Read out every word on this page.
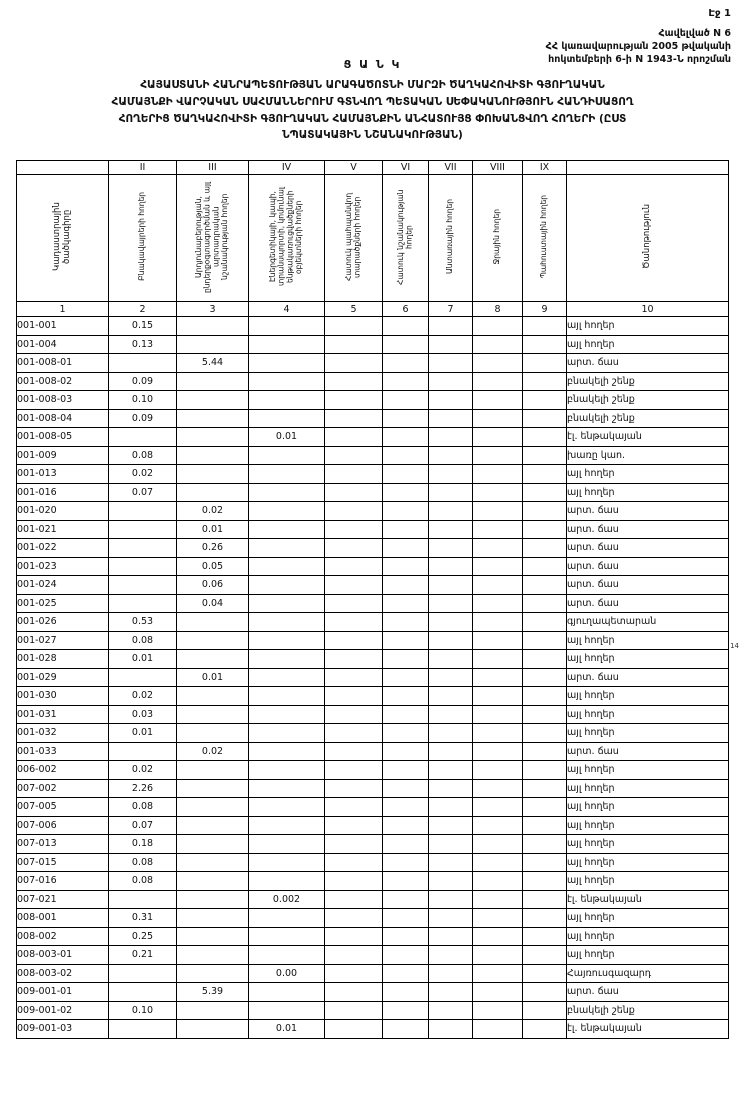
Էջ 1
Հավելված N 6
ՀՀ կառավարության 2005 թվականի
հոկտեմբերի 6-ի N 1943-Ն որոշման
Ց Ա Ն Կ
ՀԱՅԱՍՏԱՆԻ ՀԱՆՐԱՊԵՏՈՒԹՅԱՆ ԱՐԱԳԱԾՈՏՆԻ ՄԱՐԶԻ ԾԱՂԿԱՀՈՎԻՏԻ ԳՅՈՒՂԱԿԱՆ
ՀԱՄԱՅՆՔԻ ՎԱՐՉԱԿԱՆ ՍԱՀՄԱՆՆԵՐՈՒՄ ԳՏՆՎՈՂ ՊԵՏԱԿԱՆ ՍԵՓԱԿԱՆՈՒԹՅՈՒՆ ՀԱՆԴԻՍԱՑՈՂ
ՀՈՂԵՐԻՑ ԾԱՂԿԱՀՈՎԻՏԻ ԳՅՈՒՂԱԿԱՆ ՀԱՄԱՅՆՔԻՆ ԱՆՀԱՏՈՒՅՑ ՓՈԽԱՆՑՎՈՂ ՀՈՂԵՐԻ (ԸՍՏ
ՆՊԱՏԱԿԱՅԻՆ ՆՇԱՆԱԿՈՒԹՅԱՆ)
	II	III	IV	V	VI	VII	VIII	IX	
Կադաստրային ծածկագիրը	Բնակավայրերի հողեր	Արդյունաբերության, ընդերքօգտագործման և այլ արտադրական նշանակության հողեր	Էներգետիկայի, կապի, տրանսպորտի, կոմունալ ենթակառուցվածքների օբյեկտների հողեր	Հատուկ պահպանվող տարածքների հողեր	Հատուկ նշանակության հողեր	Անտառային հողեր	Ջրային հողեր	Պահուստային հողեր	Ծանոթություն
1	2	3	4	5	6	7	8	9	10
001-001	0.15								այլ հողեր
001-004	0.13								այլ հողեր
001-008-01		5.44							արտ. ճաս
001-008-02	0.09								բնակելի շենք
001-008-03	0.10								բնակելի շենք
001-008-04	0.09								բնակելի շենք
001-008-05			0.01						էլ. ենթակայան
001-009	0.08								խառը կաո.
001-013	0.02								այլ հողեր
001-016	0.07								այլ հողեր
001-020		0.02							արտ. ճաս
001-021		0.01							արտ. ճաս
001-022		0.26							արտ. ճաս
001-023		0.05							արտ. ճաս
001-024		0.06							արտ. ճաս
001-025		0.04							արտ. ճաս
001-026	0.53								գյուղապետարան
001-027	0.08								այլ հողեր
001-028	0.01								այլ հողեր
001-029		0.01							արտ. ճաս
001-030	0.02								այլ հողեր
001-031	0.03								այլ հողեր
001-032	0.01								այլ հողեր
001-033		0.02							արտ. ճաս
006-002	0.02								այլ հողեր
007-002	2.26								այլ հողեր
007-005	0.08								այլ հողեր
007-006	0.07								այլ հողեր
007-013	0.18								այլ հողեր
007-015	0.08								այլ հողեր
007-016	0.08								այլ հողեր
007-021			0.002						էլ. ենթակայան
008-001	0.31								այլ հողեր
008-002	0.25								այլ հողեր
008-003-01	0.21								այլ հողեր
008-003-02			0.00						Հայռուսգազարդ
009-001-01		5.39							արտ. ճաս
009-001-02	0.10								բնակելի շենք
009-001-03			0.01						էլ. ենթակայան
14
